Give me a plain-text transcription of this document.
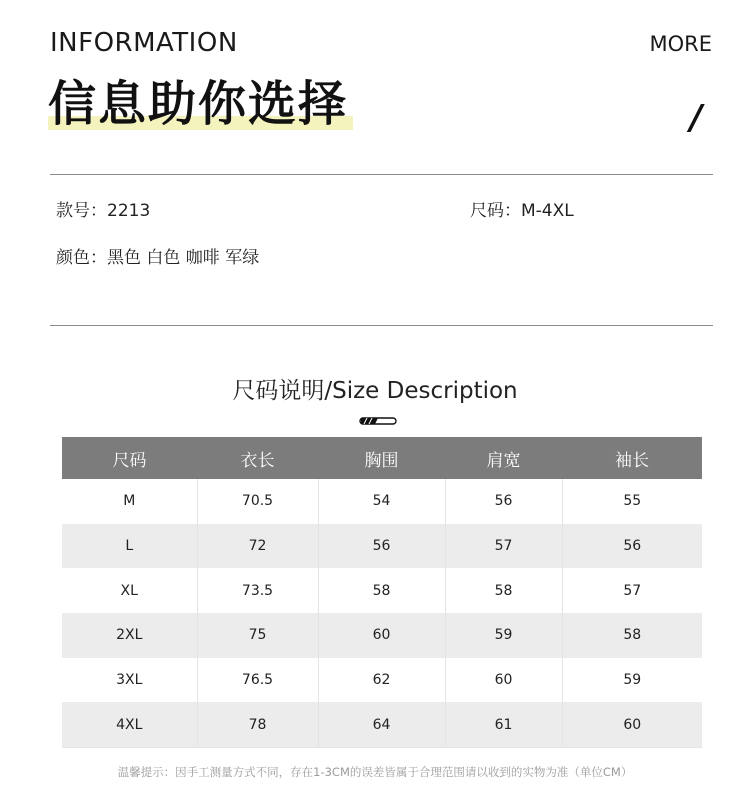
INFORMATION	MORE
信息助你选择	/
款号：2213	尺码：M-4XL
颜色：黑色 白色 咖啡 军绿
尺码说明/Size Description
尺码	衣长	胸围	肩宽	袖长
M	70.5	54	56	55
L	72	56	57	56
XL	73.5	58	58	57
2XL	75	60	59	58
3XL	76.5	62	60	59
4XL	78	64	61	60
温馨提示：因手工测量方式不同，存在1-3CM的误差皆属于合理范围请以收到的实物为准（单位CM）
